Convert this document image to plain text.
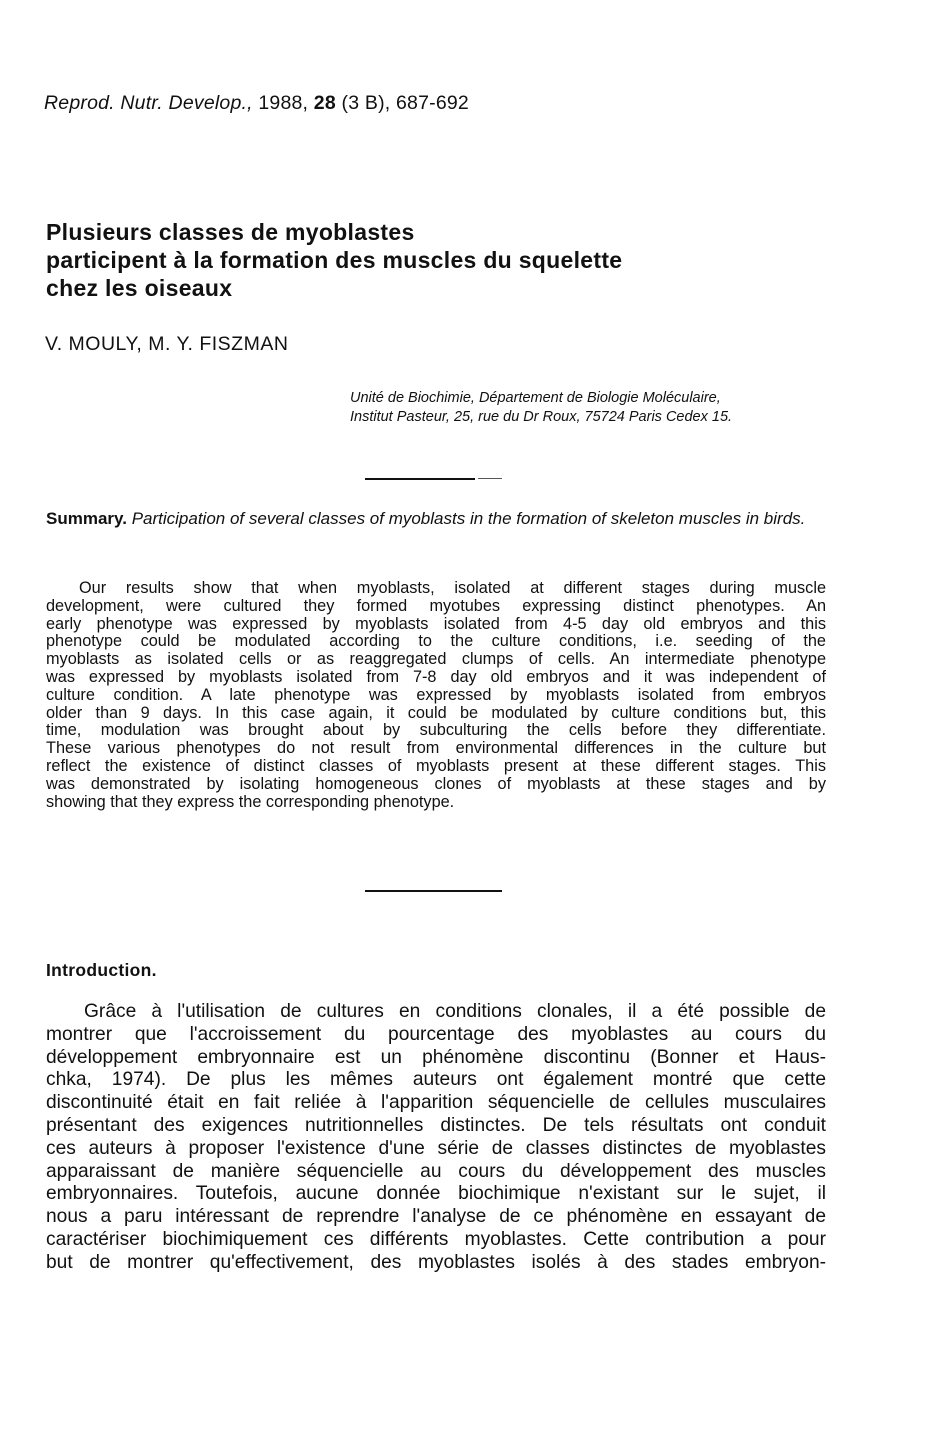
Reprod. Nutr. Develop., 1988, 28 (3 B), 687-692
Plusieurs classes de myoblastes
participent à la formation des muscles du squelette
chez les oiseaux
V. MOULY, M. Y. FISZMAN
Unité de Biochimie, Département de Biologie Moléculaire,
Institut Pasteur, 25, rue du Dr Roux, 75724 Paris Cedex 15.
Summary. Participation of several classes of myoblasts in the formation of skeleton muscles in birds.
Our results show that when myoblasts, isolated at different stages during muscle
development, were cultured they formed myotubes expressing distinct phenotypes. An
early phenotype was expressed by myoblasts isolated from 4-5 day old embryos and this
phenotype could be modulated according to the culture conditions, i.e. seeding of the
myoblasts as isolated cells or as reaggregated clumps of cells. An intermediate phenotype
was expressed by myoblasts isolated from 7-8 day old embryos and it was independent of
culture condition. A late phenotype was expressed by myoblasts isolated from embryos
older than 9 days. In this case again, it could be modulated by culture conditions but, this
time, modulation was brought about by subculturing the cells before they differentiate.
These various phenotypes do not result from environmental differences in the culture but
reflect the existence of distinct classes of myoblasts present at these different stages. This
was demonstrated by isolating homogeneous clones of myoblasts at these stages and by
showing that they express the corresponding phenotype.
Introduction.
Grâce à l'utilisation de cultures en conditions clonales, il a été possible de
montrer que l'accroissement du pourcentage des myoblastes au cours du
développement embryonnaire est un phénomène discontinu (Bonner et Haus-
chka, 1974). De plus les mêmes auteurs ont également montré que cette
discontinuité était en fait reliée à l'apparition séquencielle de cellules musculaires
présentant des exigences nutritionnelles distinctes. De tels résultats ont conduit
ces auteurs à proposer l'existence d'une série de classes distinctes de myoblastes
apparaissant de manière séquencielle au cours du développement des muscles
embryonnaires. Toutefois, aucune donnée biochimique n'existant sur le sujet, il
nous a paru intéressant de reprendre l'analyse de ce phénomène en essayant de
caractériser biochimiquement ces différents myoblastes. Cette contribution a pour
but de montrer qu'effectivement, des myoblastes isolés à des stades embryon-
